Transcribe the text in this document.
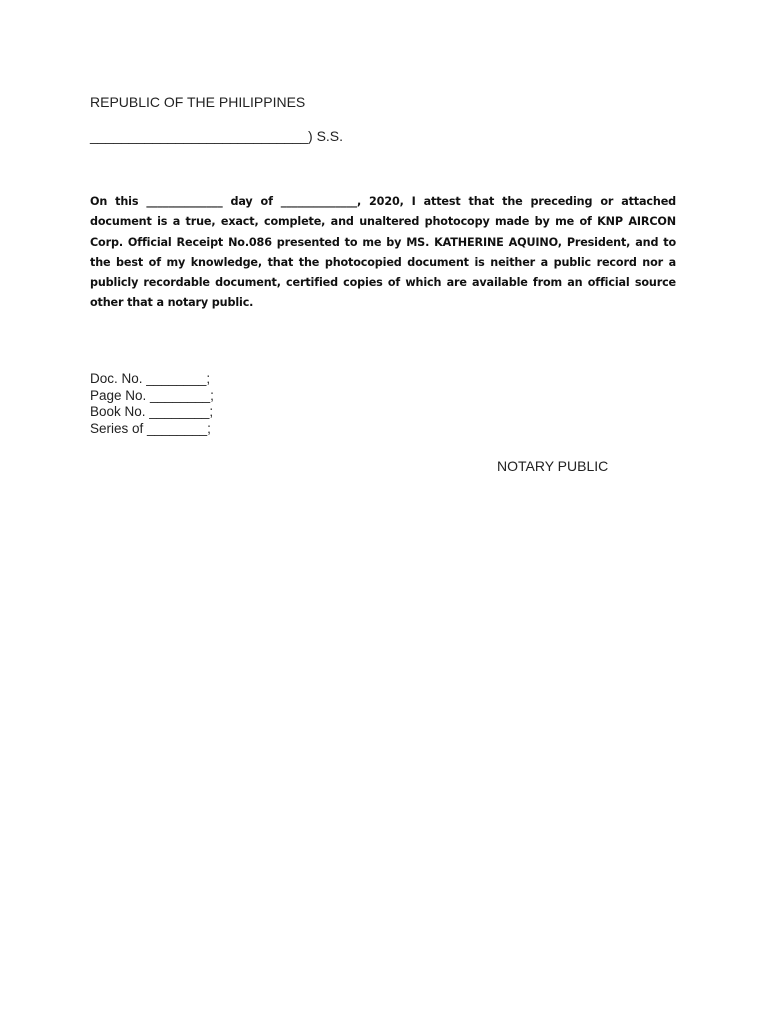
REPUBLIC OF THE PHILIPPINES
____________________________) S.S.

On this ______________ day of ______________, 2020, I attest that the preceding or attached document is a true, exact, complete, and unaltered photocopy made by me of KNP AIRCON Corp. Official Receipt No.086 presented to me by MS. KATHERINE AQUINO, President, and to the best of my knowledge, that the photocopied document is neither a public record nor a publicly recordable document, certified copies of which are available from an official source other that a notary public.

Doc. No. ________;
Page No. ________;
Book No. ________;
Series of ________;
NOTARY PUBLIC
